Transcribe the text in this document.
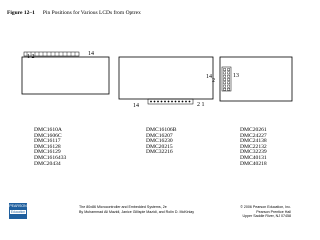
Figure 12–1 Pin Positions for Various LCDs from Optrex
1 2	14
14
14	2 1
13
2
DMC1610A
DMC1606C
DMC16117
DMC16128
DMC16129
DMC1616433
DMC20434
DMC16106B
DMC16207
DMC16230
DMC20215
DMC32216
DMC20261
DMC24227
DMC24138
DMC22132
DMC32239
DMC40131
DMC40218
PEARSON
Education
The 80x86 Microcontroller and Embedded Systems, 2e
By Muhammad Ali Mazidi, Janice Gillispie Mazidi, and Rolin D. McKinlay
© 2006 Pearson Education, Inc.
Pearson Prentice Hall
Upper Saddle River, NJ 07458
